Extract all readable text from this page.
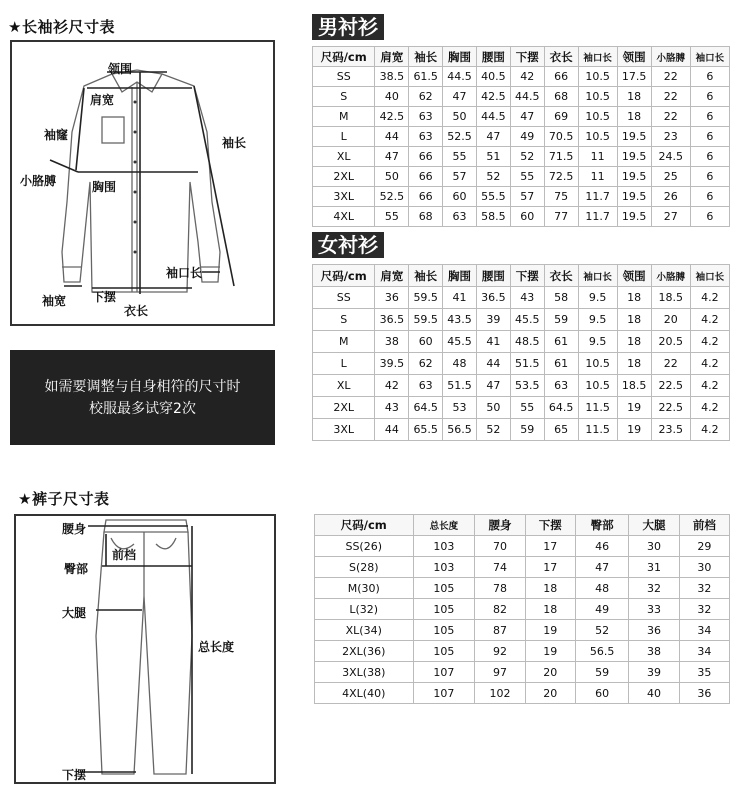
★长袖衫尺寸表
领围
肩宽
袖窿
小胳膊	胸围
袖长
袖口长
袖宽 下摆
衣长
如需要调整与自身相符的尺寸时
校服最多试穿2次
男衬衫
尺码/cm	肩宽	袖长	胸围	腰围	下摆	衣长	袖口长	领围	小胳膊	袖口长
SS	38.5	61.5	44.5	40.5	42	66	10.5	17.5	22	6
S	40	62	47	42.5	44.5	68	10.5	18	22	6
M	42.5	63	50	44.5	47	69	10.5	18	22	6
L	44	63	52.5	47	49	70.5	10.5	19.5	23	6
XL	47	66	55	51	52	71.5	11	19.5	24.5	6
2XL	50	66	57	52	55	72.5	11	19.5	25	6
3XL	52.5	66	60	55.5	57	75	11.7	19.5	26	6
4XL	55	68	63	58.5	60	77	11.7	19.5	27	6
女衬衫
尺码/cm	肩宽	袖长	胸围	腰围	下摆	衣长	袖口长	领围	小胳膊	袖口长
SS	36	59.5	41	36.5	43	58	9.5	18	18.5	4.2
S	36.5	59.5	43.5	39	45.5	59	9.5	18	20	4.2
M	38	60	45.5	41	48.5	61	9.5	18	20.5	4.2
L	39.5	62	48	44	51.5	61	10.5	18	22	4.2
XL	42	63	51.5	47	53.5	63	10.5	18.5	22.5	4.2
2XL	43	64.5	53	50	55	64.5	11.5	19	22.5	4.2
3XL	44	65.5	56.5	52	59	65	11.5	19	23.5	4.2
★裤子尺寸表
腰身
前档
臀部
大腿
总长度
下摆
尺码/cm	总长度	腰身	下摆	臀部	大腿	前档
SS(26)	103	70	17	46	30	29
S(28)	103	74	17	47	31	30
M(30)	105	78	18	48	32	32
L(32)	105	82	18	49	33	32
XL(34)	105	87	19	52	36	34
2XL(36)	105	92	19	56.5	38	34
3XL(38)	107	97	20	59	39	35
4XL(40)	107	102	20	60	40	36
